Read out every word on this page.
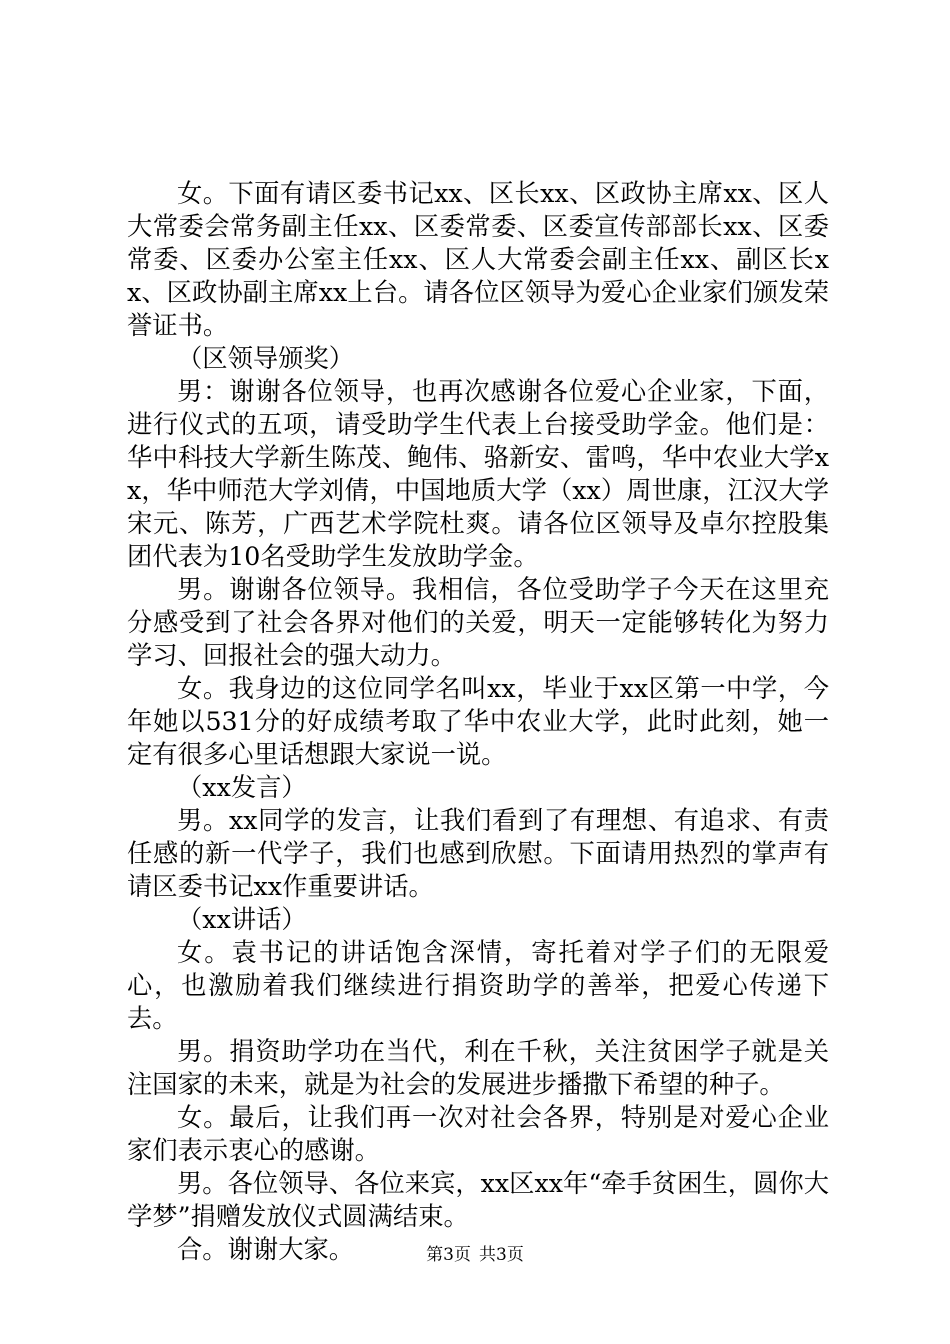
女。下面有请区委书记xx、区长xx、区政协主席xx、区人大常委会常务副主任xx、区委常委、区委宣传部部长xx、区委常委、区委办公室主任xx、区人大常委会副主任xx、副区长xx、区政协副主席xx上台。请各位区领导为爱心企业家们颁发荣誉证书。

（区领导颁奖）

男：谢谢各位领导，也再次感谢各位爱心企业家，下面，进行仪式的五项，请受助学生代表上台接受助学金。他们是：华中科技大学新生陈茂、鲍伟、骆新安、雷鸣，华中农业大学xx，华中师范大学刘倩，中国地质大学（xx）周世康，江汉大学宋元、陈芳，广西艺术学院杜爽。请各位区领导及卓尔控股集团代表为10名受助学生发放助学金。

男。谢谢各位领导。我相信，各位受助学子今天在这里充分感受到了社会各界对他们的关爱，明天一定能够转化为努力学习、回报社会的强大动力。

女。我身边的这位同学名叫xx，毕业于xx区第一中学，今年她以531分的好成绩考取了华中农业大学，此时此刻，她一定有很多心里话想跟大家说一说。

（xx发言）

男。xx同学的发言，让我们看到了有理想、有追求、有责任感的新一代学子，我们也感到欣慰。下面请用热烈的掌声有请区委书记xx作重要讲话。

（xx讲话）

女。袁书记的讲话饱含深情，寄托着对学子们的无限爱心，也激励着我们继续进行捐资助学的善举，把爱心传递下去。

男。捐资助学功在当代，利在千秋，关注贫困学子就是关注国家的未来，就是为社会的发展进步播撒下希望的种子。

女。最后，让我们再一次对社会各界，特别是对爱心企业家们表示衷心的感谢。

男。各位领导、各位来宾，xx区xx年“牵手贫困生，圆你大学梦”捐赠发放仪式圆满结束。

合。谢谢大家。	第3页 共3页
